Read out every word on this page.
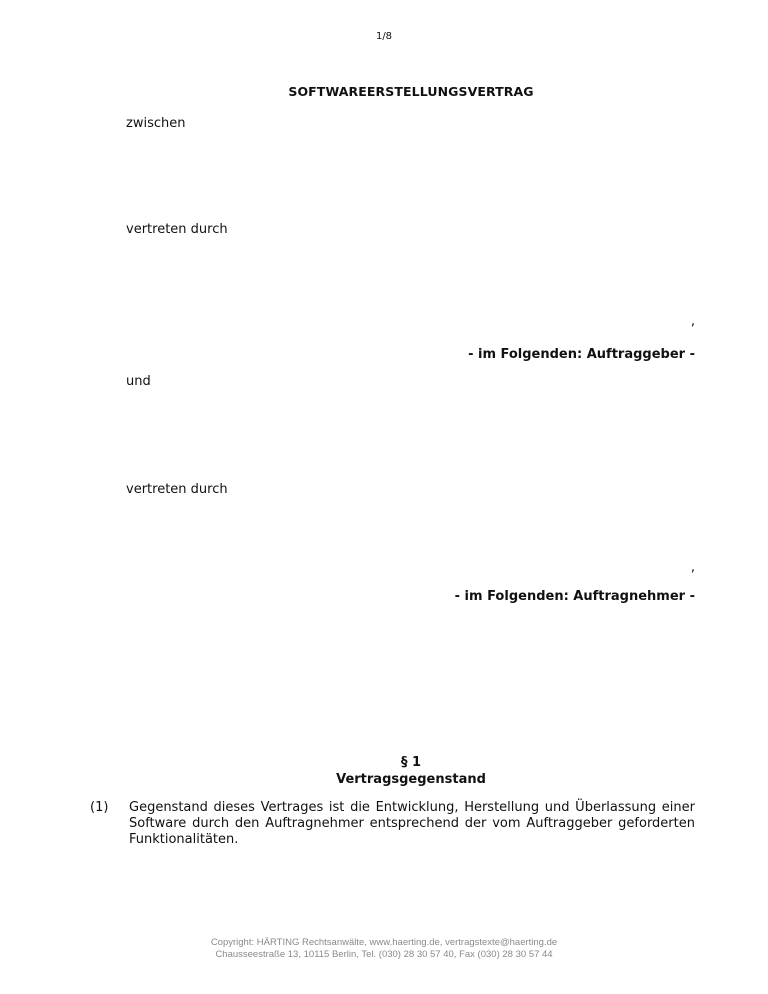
1/8
SOFTWAREERSTELLUNGSVERTRAG
zwischen
vertreten durch
,
- im Folgenden: Auftraggeber -
und
vertreten durch
,
- im Folgenden: Auftragnehmer -
§ 1
Vertragsgegenstand
(1) Gegenstand dieses Vertrages ist die Entwicklung, Herstellung und Überlassung einer Software durch den Auftragnehmer entsprechend der vom Auftraggeber geforderten Funktionalitäten.
Copyright: HÄRTING Rechtsanwälte, www.haerting.de, vertragstexte@haerting.de
Chausseestraße 13, 10115 Berlin, Tel. (030) 28 30 57 40, Fax (030) 28 30 57 44
